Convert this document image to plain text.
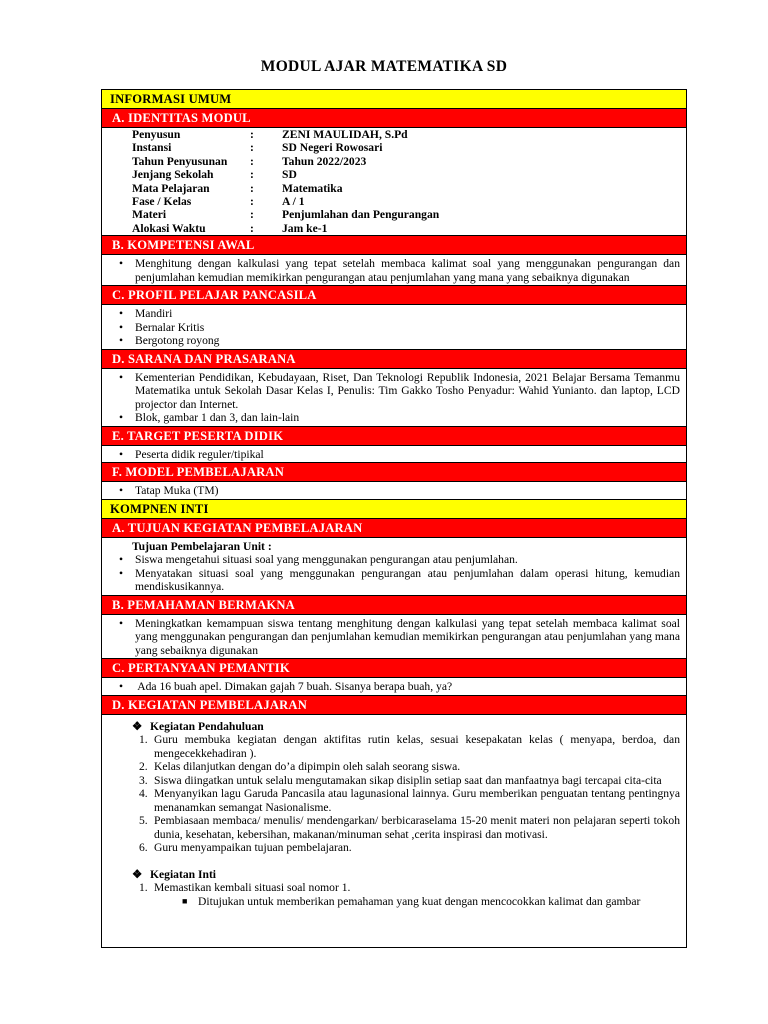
MODUL AJAR MATEMATIKA SD
INFORMASI UMUM
A. IDENTITAS MODUL
Penyusun	:	ZENI MAULIDAH, S.Pd
Instansi	:	SD Negeri Rowosari
Tahun Penyusunan	:	Tahun 2022/2023
Jenjang Sekolah	:	SD
Mata Pelajaran	:	Matematika
Fase / Kelas	:	A / 1
Materi	:	Penjumlahan dan Pengurangan
Alokasi Waktu	:	Jam ke-1
B. KOMPETENSI AWAL
• Menghitung dengan kalkulasi yang tepat setelah membaca kalimat soal yang menggunakan pengurangan dan penjumlahan kemudian memikirkan pengurangan atau penjumlahan yang mana yang sebaiknya digunakan
C. PROFIL PELAJAR PANCASILA
• Mandiri
• Bernalar Kritis
• Bergotong royong
D. SARANA DAN PRASARANA
• Kementerian Pendidikan, Kebudayaan, Riset, Dan Teknologi Republik Indonesia, 2021 Belajar Bersama Temanmu Matematika untuk Sekolah Dasar Kelas I, Penulis: Tim Gakko Tosho Penyadur: Wahid Yunianto. dan laptop, LCD projector dan Internet.
• Blok, gambar 1 dan 3, dan lain-lain
E. TARGET PESERTA DIDIK
• Peserta didik reguler/tipikal
F. MODEL PEMBELAJARAN
• Tatap Muka (TM)
KOMPNEN INTI
A. TUJUAN KEGIATAN PEMBELAJARAN
Tujuan Pembelajaran Unit :
• Siswa mengetahui situasi soal yang menggunakan pengurangan atau penjumlahan.
• Menyatakan situasi soal yang menggunakan pengurangan atau penjumlahan dalam operasi hitung, kemudian mendiskusikannya.
B. PEMAHAMAN BERMAKNA
• Meningkatkan kemampuan siswa tentang menghitung dengan kalkulasi yang tepat setelah membaca kalimat soal yang menggunakan pengurangan dan penjumlahan kemudian memikirkan pengurangan atau penjumlahan yang mana yang sebaiknya digunakan
C. PERTANYAAN PEMANTIK
• Ada 16 buah apel. Dimakan gajah 7 buah. Sisanya berapa buah, ya?
D. KEGIATAN PEMBELAJARAN
❖ Kegiatan Pendahuluan
1. Guru membuka kegiatan dengan aktifitas rutin kelas, sesuai kesepakatan kelas ( menyapa, berdoa, dan mengecekkehadiran ).
2. Kelas dilanjutkan dengan do’a dipimpin oleh salah seorang siswa.
3. Siswa diingatkan untuk selalu mengutamakan sikap disiplin setiap saat dan manfaatnya bagi tercapai cita-cita
4. Menyanyikan lagu Garuda Pancasila atau lagunasional lainnya. Guru memberikan penguatan tentang pentingnya menanamkan semangat Nasionalisme.
5. Pembiasaan membaca/ menulis/ mendengarkan/ berbicaraselama 15-20 menit materi non pelajaran seperti tokoh dunia, kesehatan, kebersihan, makanan/minuman sehat ,cerita inspirasi dan motivasi.
6. Guru menyampaikan tujuan pembelajaran.
❖ Kegiatan Inti
1. Memastikan kembali situasi soal nomor 1.
■ Ditujukan untuk memberikan pemahaman yang kuat dengan mencocokkan kalimat dan gambar
